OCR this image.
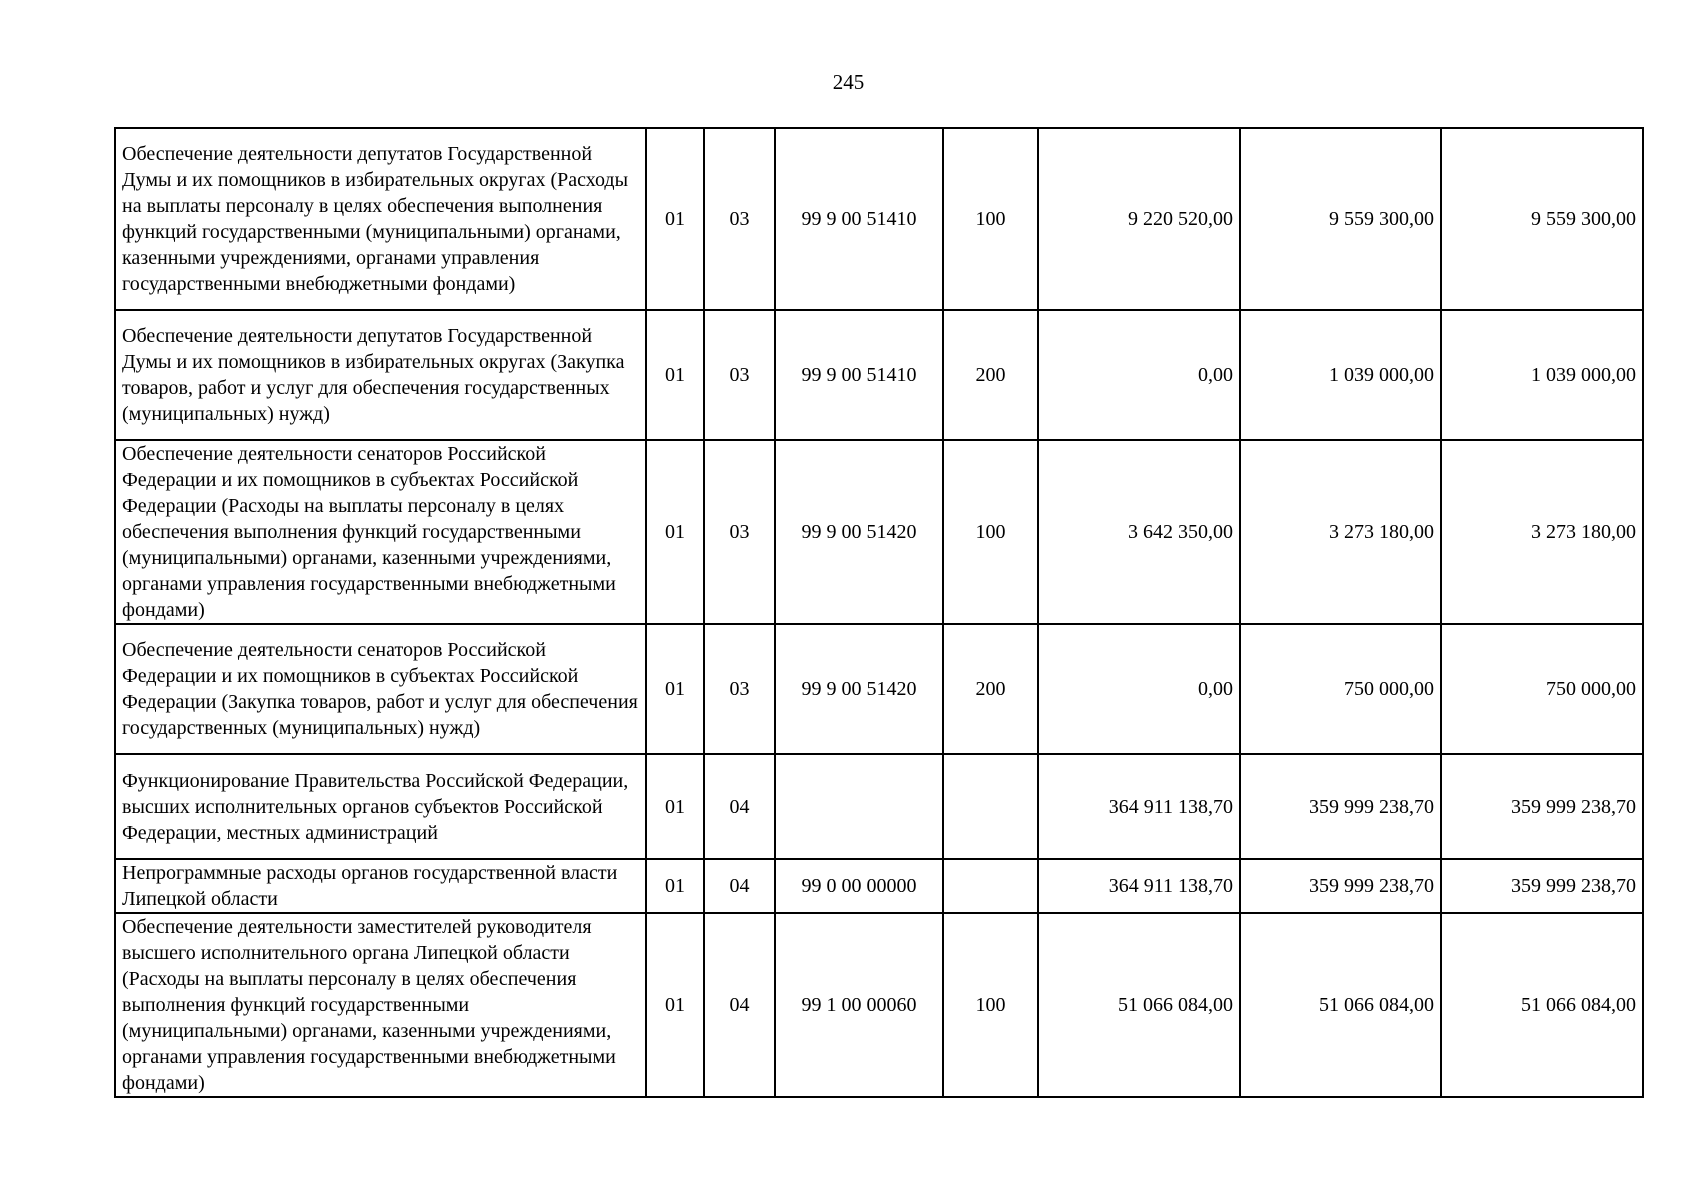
245
Обеспечение деятельности депутатов Государственной Думы и их помощников в избирательных округах (Расходы на выплаты персоналу в целях обеспечения выполнения функций государственными (муниципальными) органами, казенными учреждениями, органами управления государственными внебюджетными фондами)	01	03	99 9 00 51410	100	9 220 520,00	9 559 300,00	9 559 300,00
Обеспечение деятельности депутатов Государственной Думы и их помощников в избирательных округах (Закупка товаров, работ и услуг для обеспечения государственных (муниципальных) нужд)	01	03	99 9 00 51410	200	0,00	1 039 000,00	1 039 000,00
Обеспечение деятельности сенаторов Российской Федерации и их помощников в субъектах Российской Федерации (Расходы на выплаты персоналу в целях обеспечения выполнения функций государственными (муниципальными) органами, казенными учреждениями, органами управления государственными внебюджетными фондами)	01	03	99 9 00 51420	100	3 642 350,00	3 273 180,00	3 273 180,00
Обеспечение деятельности сенаторов Российской Федерации и их помощников в субъектах Российской Федерации (Закупка товаров, работ и услуг для обеспечения государственных (муниципальных) нужд)	01	03	99 9 00 51420	200	0,00	750 000,00	750 000,00
Функционирование Правительства Российской Федерации, высших исполнительных органов субъектов Российской Федерации, местных администраций	01	04			364 911 138,70	359 999 238,70	359 999 238,70
Непрограммные расходы органов государственной власти Липецкой области	01	04	99 0 00 00000		364 911 138,70	359 999 238,70	359 999 238,70
Обеспечение деятельности заместителей руководителя высшего исполнительного органа Липецкой области (Расходы на выплаты персоналу в целях обеспечения выполнения функций государственными (муниципальными) органами, казенными учреждениями, органами управления государственными внебюджетными фондами)	01	04	99 1 00 00060	100	51 066 084,00	51 066 084,00	51 066 084,00
